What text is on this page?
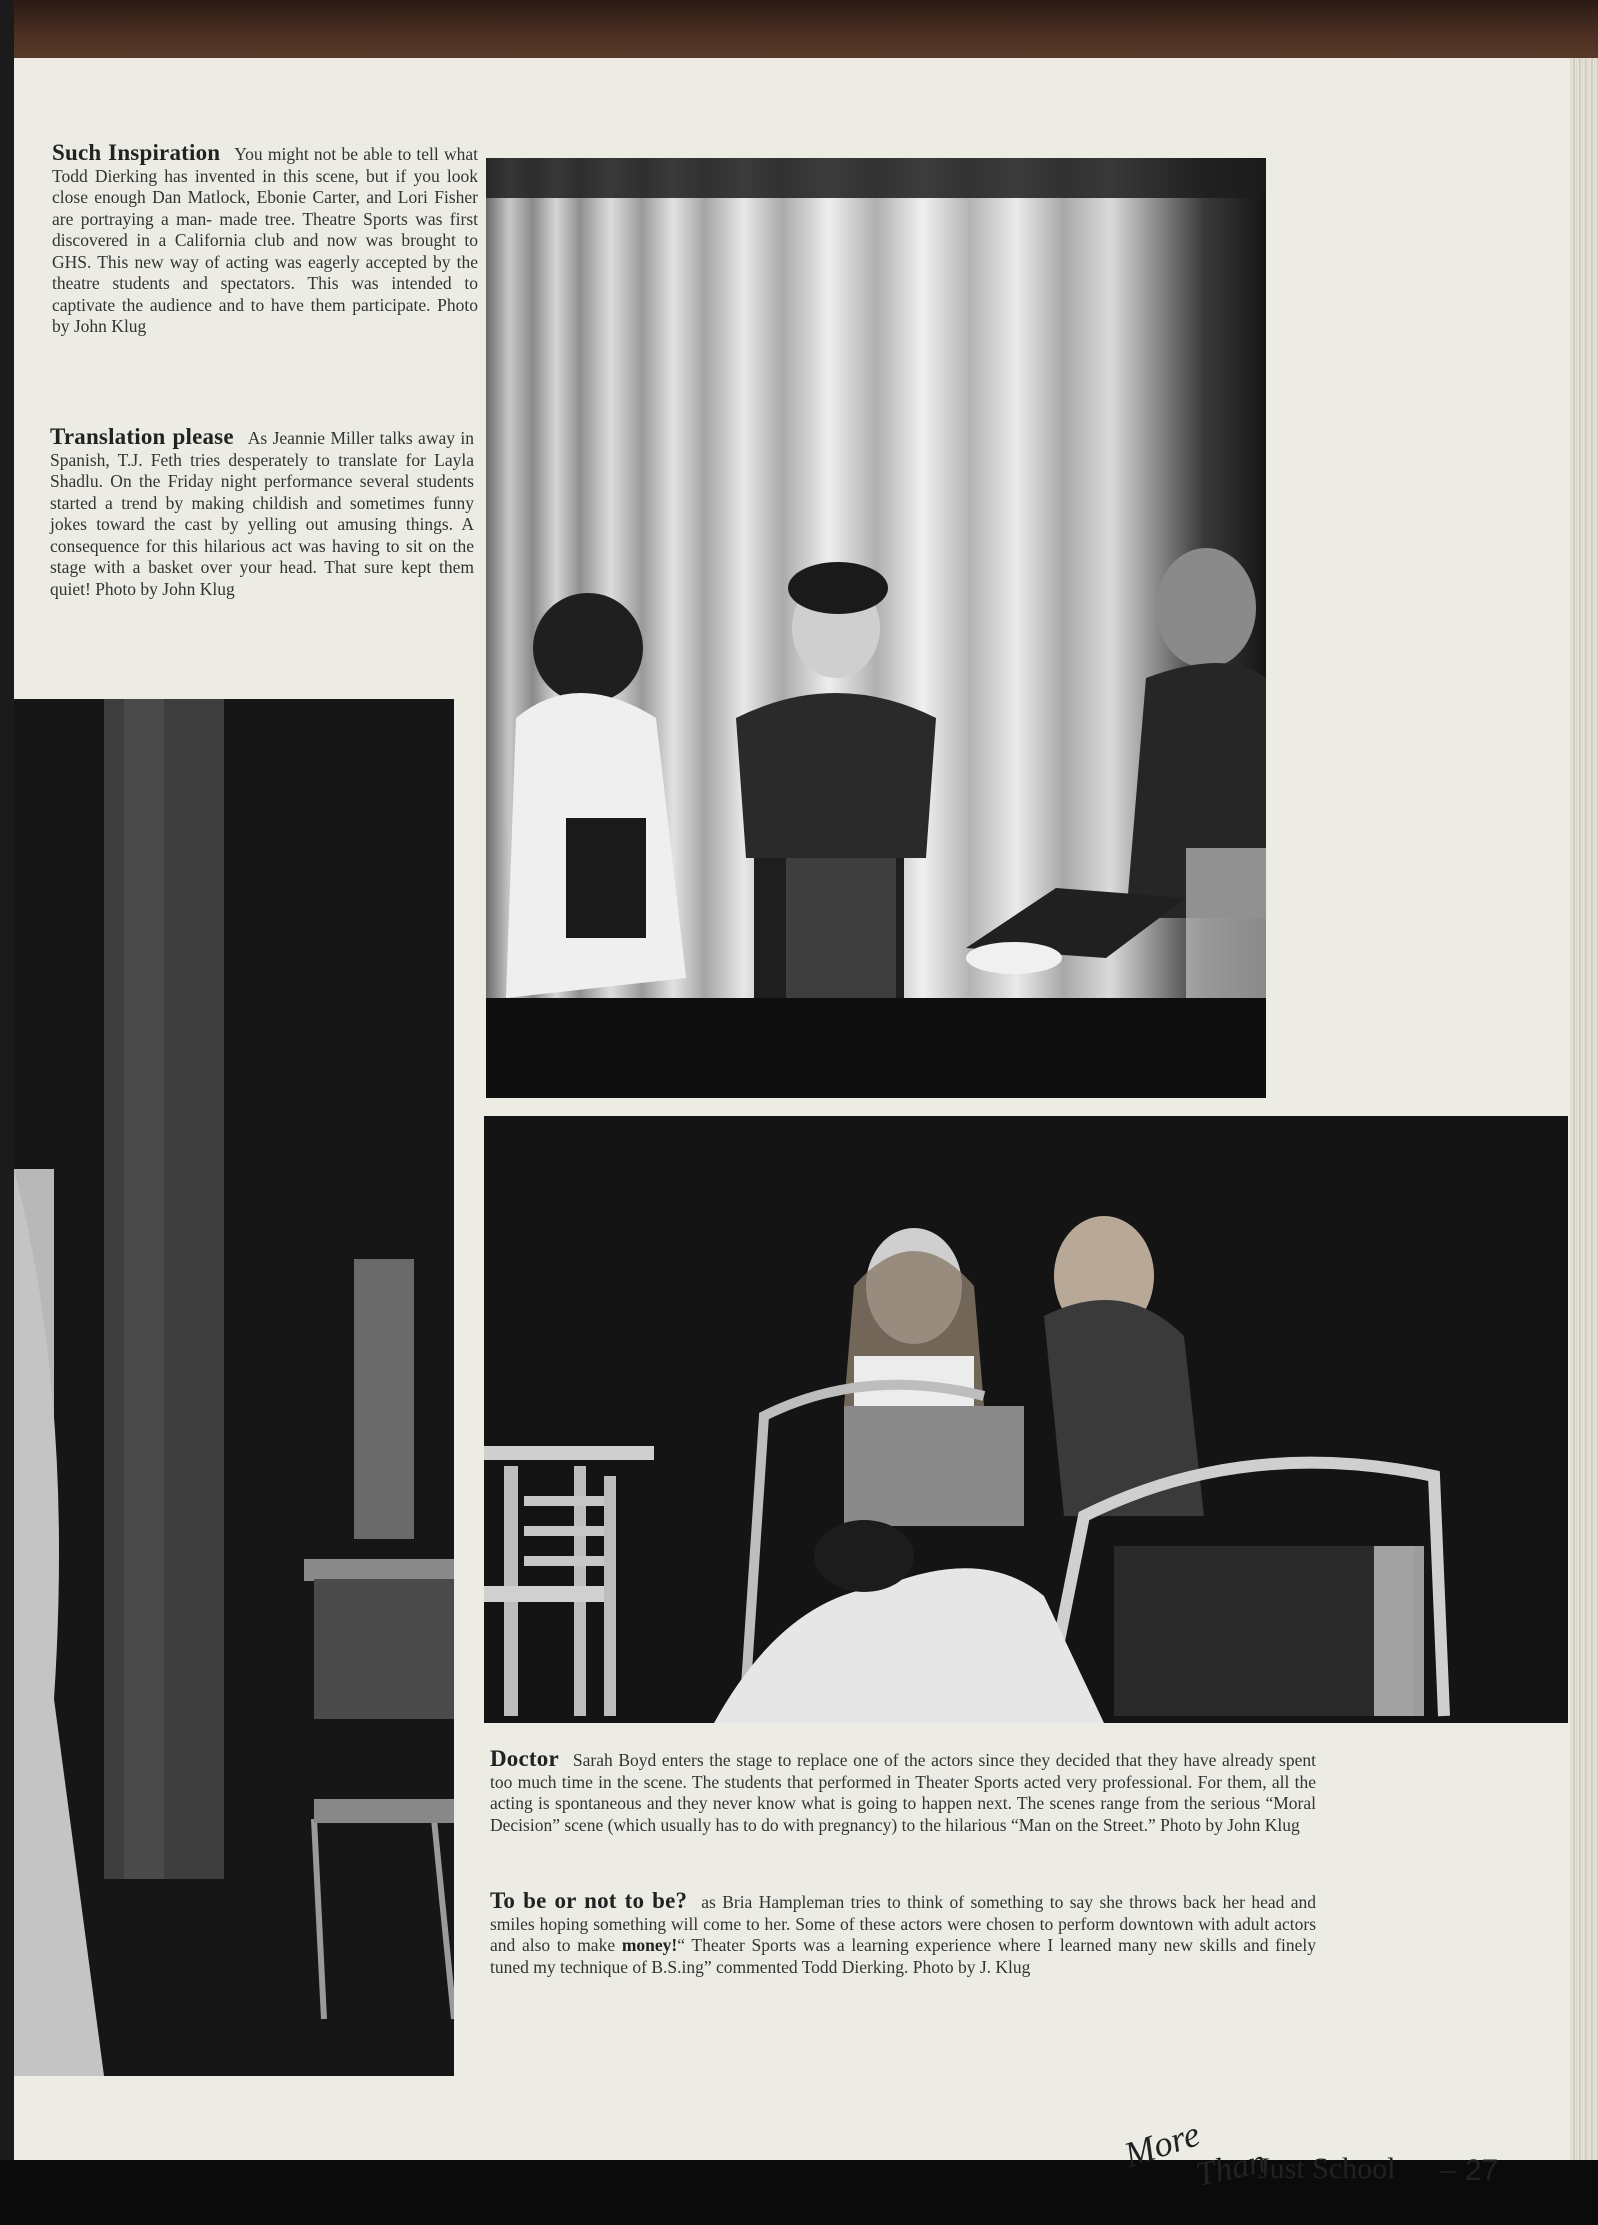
Such Inspiration You might not be able to tell what Todd Dierking has invented in this scene, but if you look close enough Dan Matlock, Ebonie Carter, and Lori Fisher are portraying a man- made tree. Theatre Sports was first discovered in a California club and now was brought to GHS. This new way of acting was eagerly accepted by the theatre students and spectators. This was intended to captivate the audience and to have them participate. Photo by John Klug

Translation please As Jeannie Miller talks away in Spanish, T.J. Feth tries desperately to translate for Layla Shadlu. On the Friday night performance several students started a trend by making childish and sometimes funny jokes toward the cast by yelling out amusing things. A consequence for this hilarious act was having to sit on the stage with a basket over your head. That sure kept them quiet! Photo by John Klug

Doctor Sarah Boyd enters the stage to replace one of the actors since they decided that they have already spent too much time in the scene. The students that performed in Theater Sports acted very professional. For them, all the acting is spontaneous and they never know what is going to happen next. The scenes range from the serious “Moral Decision” scene (which usually has to do with pregnancy) to the hilarious “Man on the Street.” Photo by John Klug

To be or not to be? as Bria Hampleman tries to think of something to say she throws back her head and smiles hoping something will come to her. Some of these actors were chosen to perform downtown with adult actors and also to make money!“ Theater Sports was a learning experience where I learned many new skills and finely tuned my technique of B.S.ing” commented Todd Dierking. Photo by J. Klug

More
Than
Just School – 27
